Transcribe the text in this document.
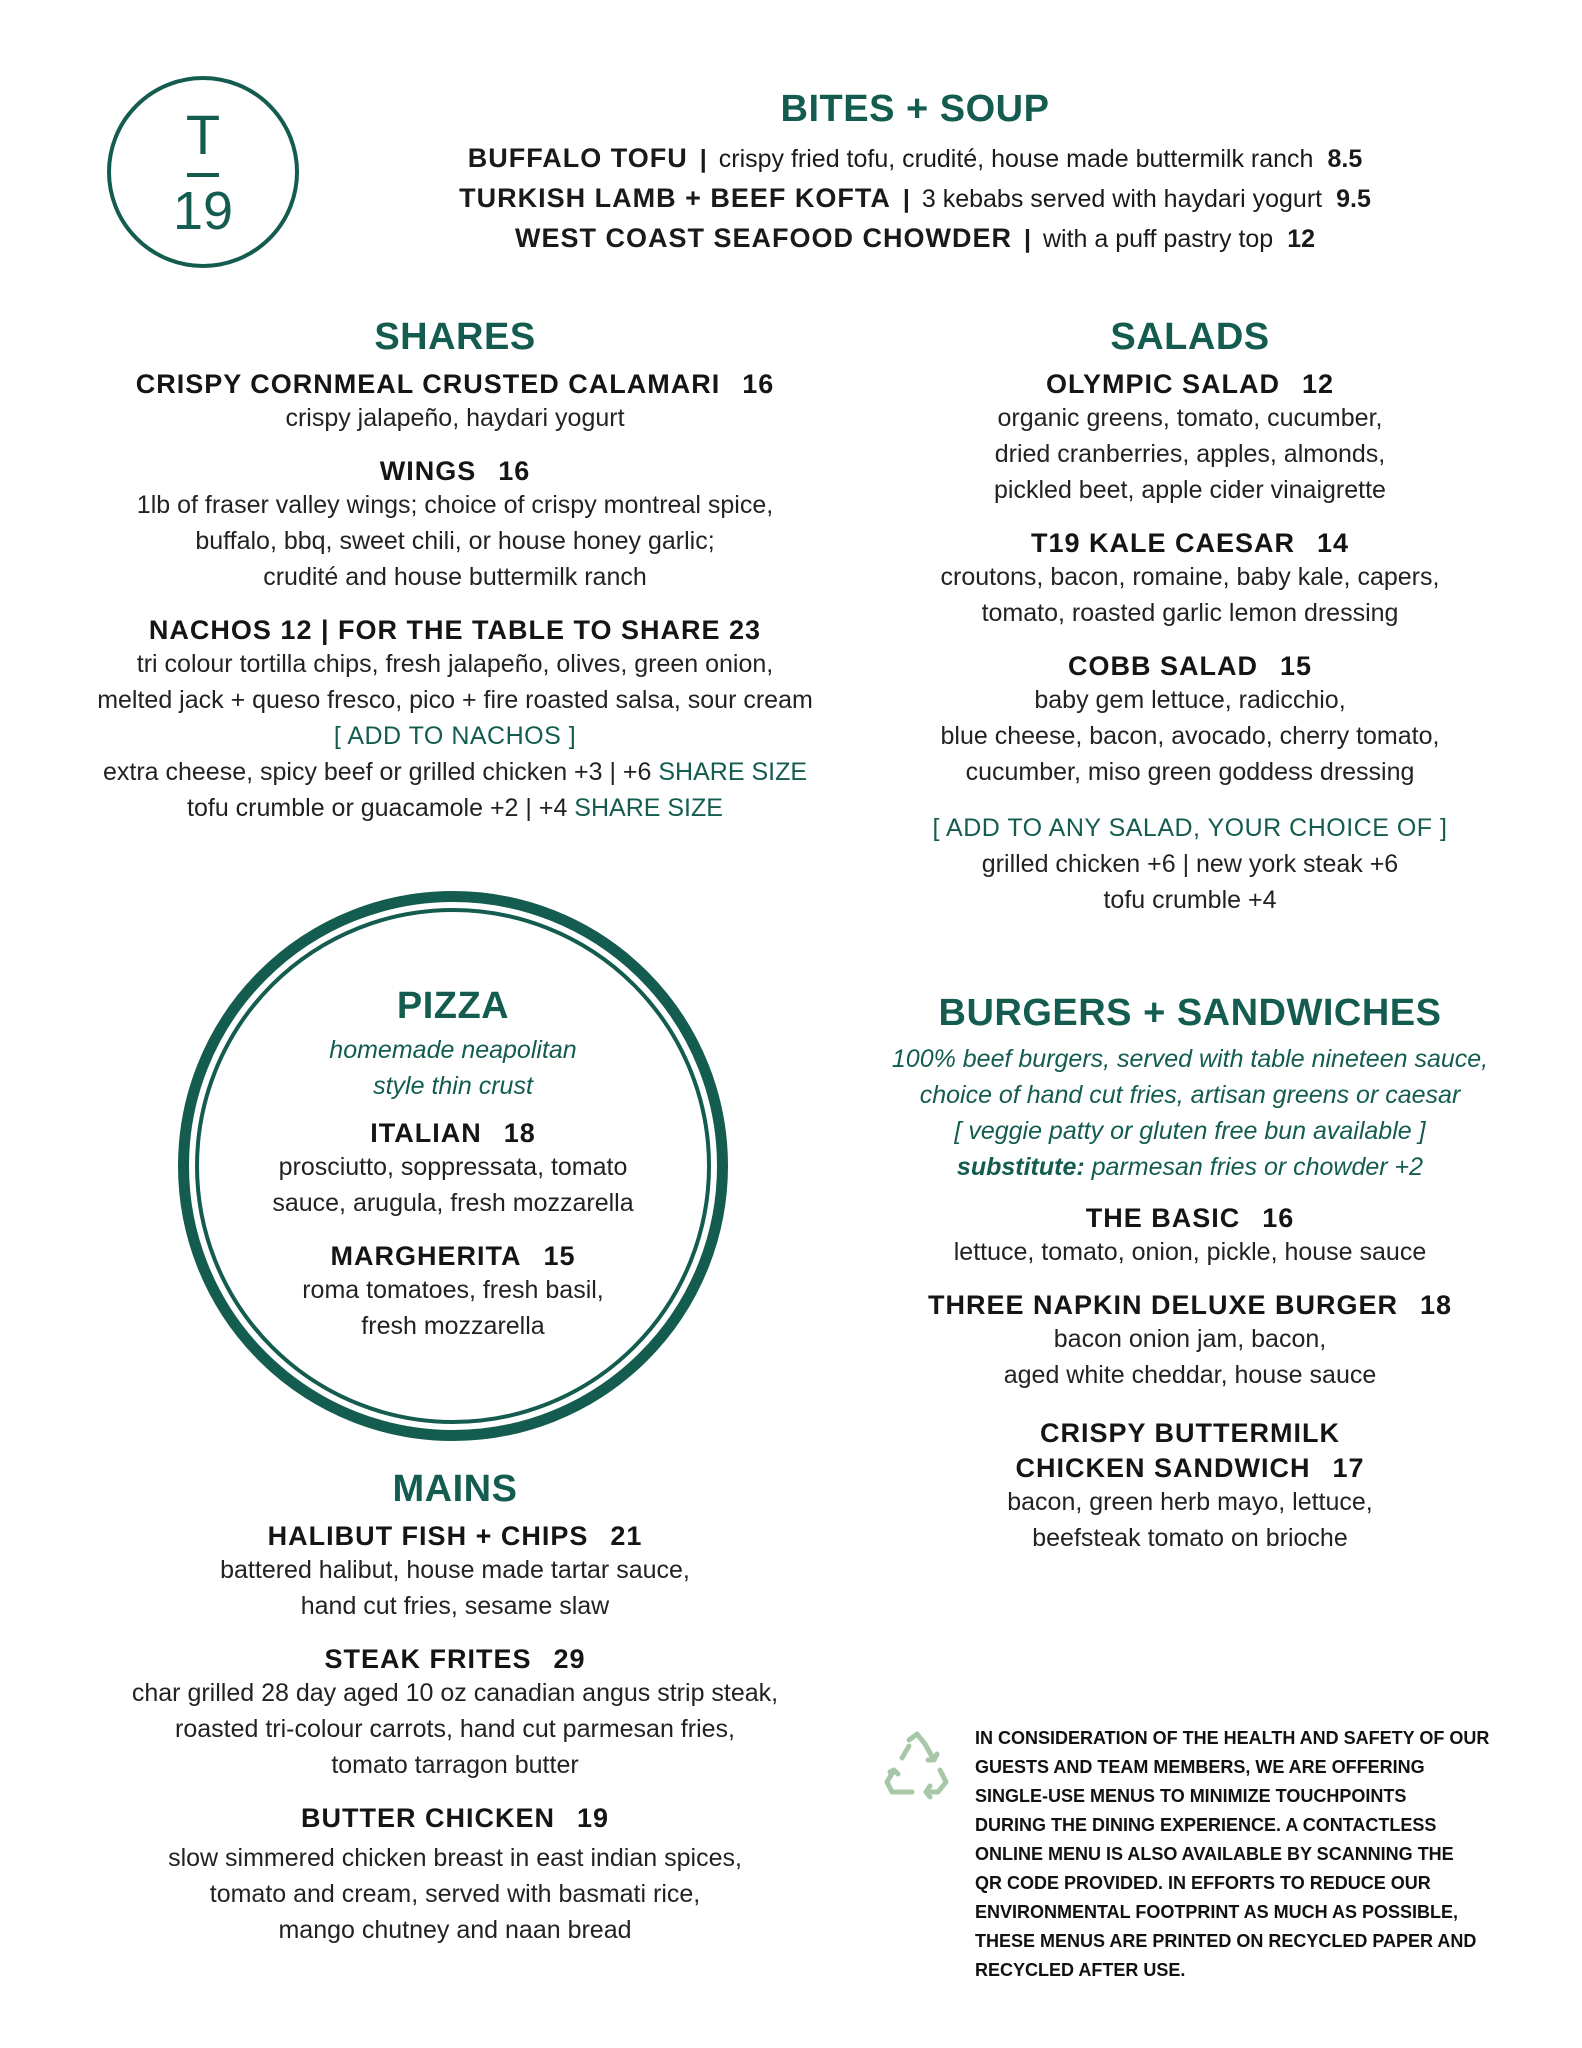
T
19
BITES + SOUP
BUFFALO TOFU | crispy fried tofu, crudité, house made buttermilk ranch 8.5
TURKISH LAMB + BEEF KOFTA | 3 kebabs served with haydari yogurt 9.5
WEST COAST SEAFOOD CHOWDER | with a puff pastry top 12
SHARES

CRISPY CORNMEAL CRUSTED CALAMARI 16

crispy jalapeño, haydari yogurt

WINGS 16

1lb of fraser valley wings; choice of crispy montreal spice,

buffalo, bbq, sweet chili, or house honey garlic;

crudité and house buttermilk ranch

NACHOS 12 | FOR THE TABLE TO SHARE 23

tri colour tortilla chips, fresh jalapeño, olives, green onion,

melted jack + queso fresco, pico + fire roasted salsa, sour cream

[ ADD TO NACHOS ]

extra cheese, spicy beef or grilled chicken +3 | +6 SHARE SIZE

tofu crumble or guacamole +2 | +4 SHARE SIZE

SALADS

OLYMPIC SALAD 12

organic greens, tomato, cucumber,

dried cranberries, apples, almonds,

pickled beet, apple cider vinaigrette

T19 KALE CAESAR 14

croutons, bacon, romaine, baby kale, capers,

tomato, roasted garlic lemon dressing

COBB SALAD 15

baby gem lettuce, radicchio,

blue cheese, bacon, avocado, cherry tomato,

cucumber, miso green goddess dressing

[ ADD TO ANY SALAD, YOUR CHOICE OF ]

grilled chicken +6 | new york steak +6

tofu crumble +4

PIZZA

homemade neapolitan

style thin crust

ITALIAN 18

prosciutto, soppressata, tomato

sauce, arugula, fresh mozzarella

MARGHERITA 15

roma tomatoes, fresh basil,

fresh mozzarella

BURGERS + SANDWICHES

100% beef burgers, served with table nineteen sauce,

choice of hand cut fries, artisan greens or caesar

[ veggie patty or gluten free bun available ]

substitute: parmesan fries or chowder +2

THE BASIC 16

lettuce, tomato, onion, pickle, house sauce

THREE NAPKIN DELUXE BURGER 18

bacon onion jam, bacon,

aged white cheddar, house sauce

CRISPY BUTTERMILK

CHICKEN SANDWICH 17

bacon, green herb mayo, lettuce,

beefsteak tomato on brioche

MAINS

HALIBUT FISH + CHIPS 21

battered halibut, house made tartar sauce,

hand cut fries, sesame slaw

STEAK FRITES 29

char grilled 28 day aged 10 oz canadian angus strip steak,

roasted tri-colour carrots, hand cut parmesan fries,

tomato tarragon butter

BUTTER CHICKEN 19

slow simmered chicken breast in east indian spices,

tomato and cream, served with basmati rice,

mango chutney and naan bread

IN CONSIDERATION OF THE HEALTH AND SAFETY OF OUR
GUESTS AND TEAM MEMBERS, WE ARE OFFERING
SINGLE-USE MENUS TO MINIMIZE TOUCHPOINTS
DURING THE DINING EXPERIENCE. A CONTACTLESS
ONLINE MENU IS ALSO AVAILABLE BY SCANNING THE
QR CODE PROVIDED. IN EFFORTS TO REDUCE OUR
ENVIRONMENTAL FOOTPRINT AS MUCH AS POSSIBLE,
THESE MENUS ARE PRINTED ON RECYCLED PAPER AND
RECYCLED AFTER USE.
